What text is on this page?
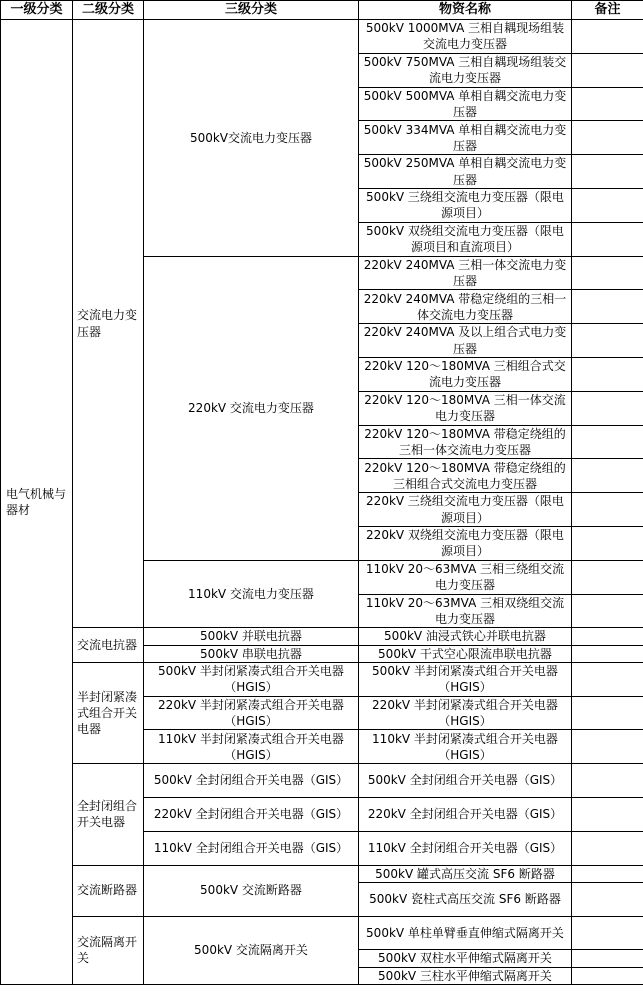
一级分类	二级分类	三级分类	物资名称	备注
电气机械与器材	交流电力变压器	500kV交流电力变压器	500kV 1000MVA 三相自耦现场组装交流电力变压器	
			500kV 750MVA 三相自耦现场组装交流电力变压器	
			500kV 500MVA 单相自耦交流电力变压器	
			500kV 334MVA 单相自耦交流电力变压器	
			500kV 250MVA 单相自耦交流电力变压器	
			500kV 三绕组交流电力变压器（限电源项目）	
			500kV 双绕组交流电力变压器（限电源项目和直流项目）	
		220kV 交流电力变压器	220kV 240MVA 三相一体交流电力变压器	
			220kV 240MVA 带稳定绕组的三相一体交流电力变压器	
			220kV 240MVA 及以上组合式电力变压器	
			220kV 120～180MVA 三相组合式交流电力变压器	
			220kV 120～180MVA 三相一体交流电力变压器	
			220kV 120～180MVA 带稳定绕组的三相一体交流电力变压器	
			220kV 120～180MVA 带稳定绕组的三相组合式交流电力变压器	
			220kV 三绕组交流电力变压器（限电源项目）	
			220kV 双绕组交流电力变压器（限电源项目）	
		110kV 交流电力变压器	110kV 20～63MVA 三相三绕组交流电力变压器	
			110kV 20～63MVA 三相双绕组交流电力变压器	
	交流电抗器	500kV 并联电抗器	500kV 油浸式铁心并联电抗器	
		500kV 串联电抗器	500kV 干式空心限流串联电抗器	
	半封闭紧凑式组合开关电器	500kV 半封闭紧凑式组合开关电器（HGIS）	500kV 半封闭紧凑式组合开关电器（HGIS）	
		220kV 半封闭紧凑式组合开关电器（HGIS）	220kV 半封闭紧凑式组合开关电器（HGIS）	
		110kV 半封闭紧凑式组合开关电器（HGIS）	110kV 半封闭紧凑式组合开关电器（HGIS）	
	全封闭组合开关电器	500kV 全封闭组合开关电器（GIS）	500kV 全封闭组合开关电器（GIS）	
		220kV 全封闭组合开关电器（GIS）	220kV 全封闭组合开关电器（GIS）	
		110kV 全封闭组合开关电器（GIS）	110kV 全封闭组合开关电器（GIS）	
	交流断路器	500kV 交流断路器	500kV 罐式高压交流 SF6 断路器	
			500kV 瓷柱式高压交流 SF6 断路器	
	交流隔离开关	500kV 交流隔离开关	500kV 单柱单臂垂直伸缩式隔离开关	
			500kV 双柱水平伸缩式隔离开关	
			500kV 三柱水平伸缩式隔离开关	
